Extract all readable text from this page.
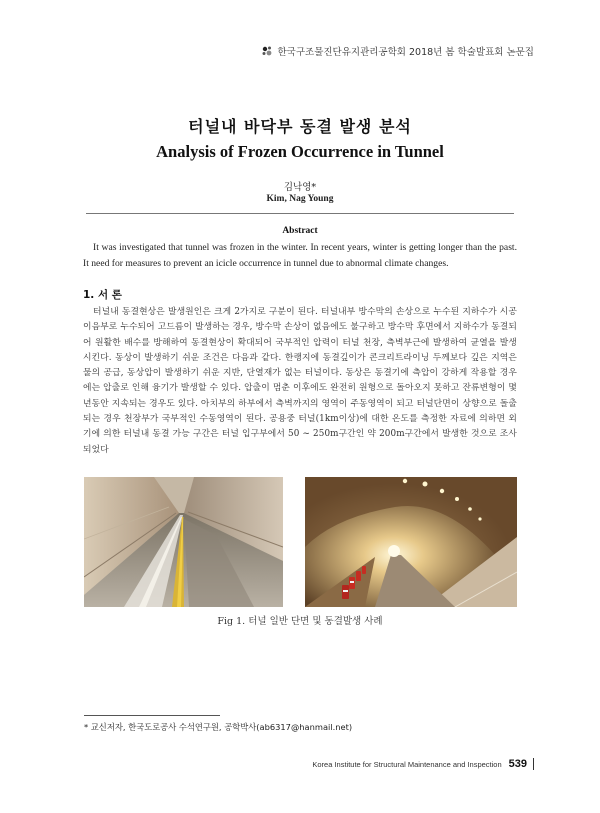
한국구조물진단유지관리공학회 2018년 봄 학술발표회 논문집
터널내 바닥부 동결 발생 분석
Analysis of Frozen Occurrence in Tunnel
김낙영*
Kim, Nag Young
Abstract

It was investigated that tunnel was frozen in the winter. In recent years, winter is getting longer than the past. It need for measures to prevent an icicle occurrence in tunnel due to abnormal climate changes.

1. 서 론

터널내 동결현상은 발생원인은 크게 2가지로 구분이 된다. 터널내부 방수막의 손상으로 누수된 지하수가 시공이음부로 누수되어 고드름이 발생하는 경우, 방수막 손상이 없음에도 불구하고 방수막 후면에서 지하수가 동결되어 원활한 배수를 방해하여 동결현상이 확대되어 국부적인 압력이 터널 천장, 측벽부근에 발생하여 균열을 발생시킨다. 동상이 발생하기 쉬운 조건은 다음과 같다. 한랭지에 동결깊이가 콘크리트라이닝 두께보다 깊은 지역은 물의 공급, 동상압이 발생하기 쉬운 지반, 단열재가 없는 터널이다. 동상은 동결기에 측압이 강하게 작용할 경우에는 압출로 인해 융기가 발생할 수 있다. 압출이 멈춘 이후에도 완전히 원형으로 돌아오지 못하고 잔류변형이 몇년동안 지속되는 경우도 있다. 아치부의 하부에서 측벽까지의 영역이 주동영역이 되고 터널단면이 상향으로 돌출 되는 경우 천장부가 국부적인 수동영역이 된다. 공용중 터널(1km이상)에 대한 온도를 측정한 자료에 의하면 외기에 의한 터널내 동결 가능 구간은 터널 입구부에서 50 ~ 250m구간인 약 200m구간에서 발생한 것으로 조사되었다

Fig 1. 터널 일반 단면 및 동결발생 사례
* 교신저자, 한국도로공사 수석연구원, 공학박사(ab6317@hanmail.net)
Korea Institute for Structural Maintenance and Inspection 539
